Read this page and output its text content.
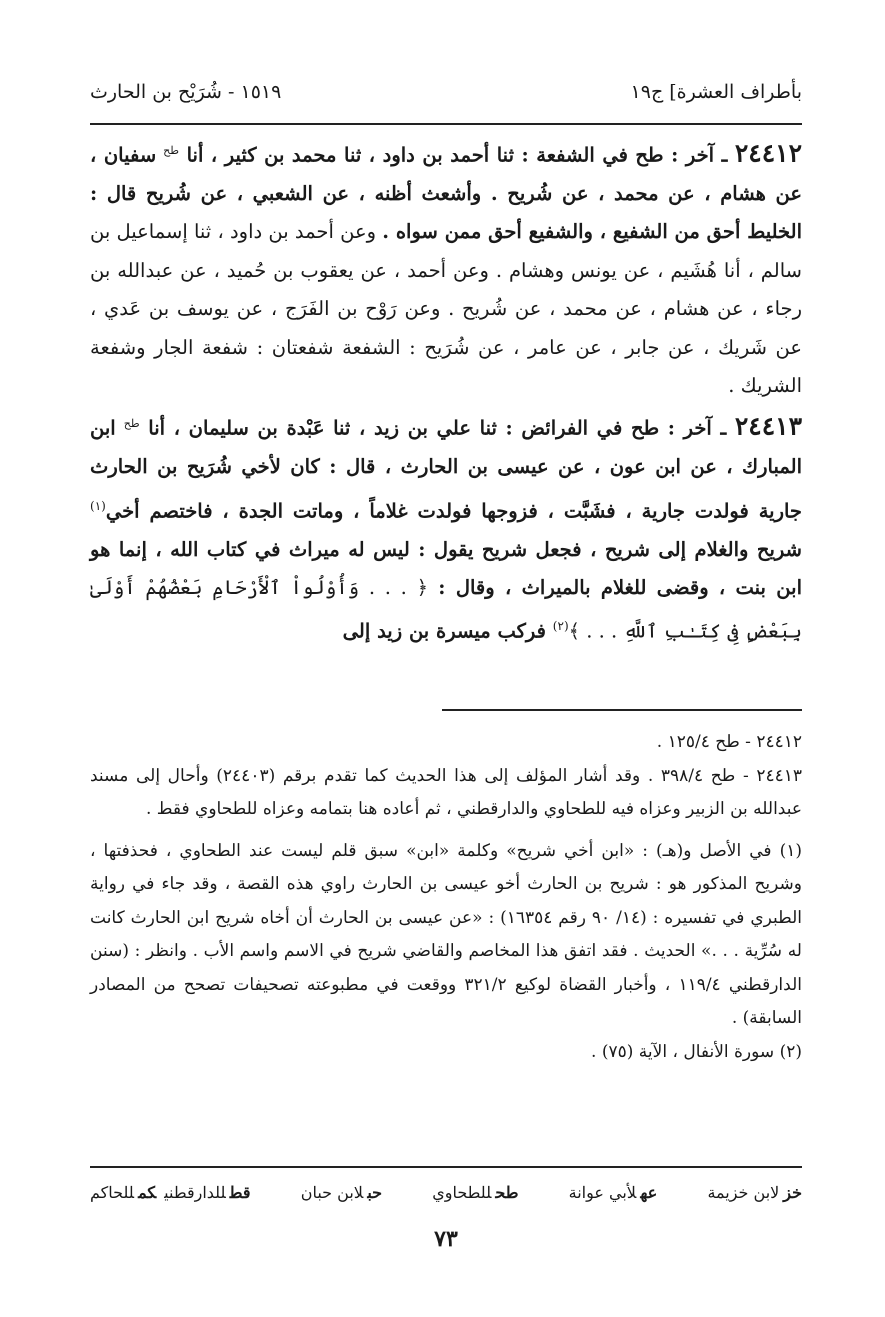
بأطراف العشرة] ج١٩
١٥١٩ - شُرَيْح بن الحارث

٢٤٤١٢ ـ آخر : طح في الشفعة : ثنا أحمد بن داود ، ثنا محمد بن كثير ، أنا $^{طح}$ سفيان ، عن هشام ، عن محمد ، عن شُريح . وأشعث أظنه ، عن الشعبي ، عن شُريح قال : الخليط أحق من الشفيع ، والشفيع أحق ممن سواه . وعن أحمد بن داود ، ثنا إسماعيل بن سالم ، أنا هُشَيم ، عن يونس وهشام . وعن أحمد ، عن يعقوب بن حُميد ، عن عبدالله بن رجاء ، عن هشام ، عن محمد ، عن شُريح . وعن رَوْح بن الفَرَج ، عن يوسف بن عَدي ، عن شَريك ، عن جابر ، عن عامر ، عن شُرَيح : الشفعة شفعتان : شفعة الجار وشفعة الشريك .

٢٤٤١٣ ـ آخر : طح في الفرائض : ثنا علي بن زيد ، ثنا عَبْدة بن سليمان ، أنا $^{طح}$ ابن المبارك ، عن ابن عون ، عن عيسى بن الحارث ، قال : كان لأخي شُرَيح بن الحارث جارية فولدت جارية ، فشَبَّت ، فزوجها فولدت غلاماً ، وماتت الجدة ، فاختصم أخي$^{(١)}$ شريح والغلام إلى شريح ، فجعل شريح يقول : ليس له ميراث في كتاب الله ، إنما هو ابن بنت ، وقضى للغلام بالميراث ، وقال : ﴿ . . . وَأُوْلُواْ ٱلْأَرْحَامِ بَعْضُهُمْ أَوْلَىٰ بِبَعْضٍ فِى كِتَـٰبِ ٱللَّهِ . . . ﴾$^{(٢)}$ فركب ميسرة بن زيد إلى

٢٤٤١٢ - طح ١٢٥/٤ .

٢٤٤١٣ - طح ٣٩٨/٤ . وقد أشار المؤلف إلى هذا الحديث كما تقدم برقم (٢٤٤٠٣) وأحال إلى مسند عبدالله بن الزبير وعزاه فيه للطحاوي والدارقطني ، ثم أعاده هنا بتمامه وعزاه للطحاوي فقط .

(١) في الأصل و(هـ) : «ابن أخي شريح» وكلمة «ابن» سبق قلم ليست عند الطحاوي ، فحذفتها ، وشريح المذكور هو : شريح بن الحارث أخو عيسى بن الحارث راوي هذه القصة ، وقد جاء في رواية الطبري في تفسيره : (١٤/ ٩٠ رقم ١٦٣٥٤) : «عن عيسى بن الحارث أن أخاه شريح ابن الحارث كانت له سُرِّية . . .» الحديث . فقد اتفق هذا المخاصم والقاضي شريح في الاسم واسم الأب . وانظر : (سنن الدارقطني ١١٩/٤ ، وأخبار القضاة لوكيع ٣٢١/٢ ووقعت في مطبوعته تصحيفات تصحح من المصادر السابقة) .

(٢) سورة الأنفال ، الآية (٧٥) .

خزلابن خزيمة
عهلأبي عوانة
طحللطحاوي
حبلابن حبان
قطللدارقطنيكمللحاكم
٧٣
